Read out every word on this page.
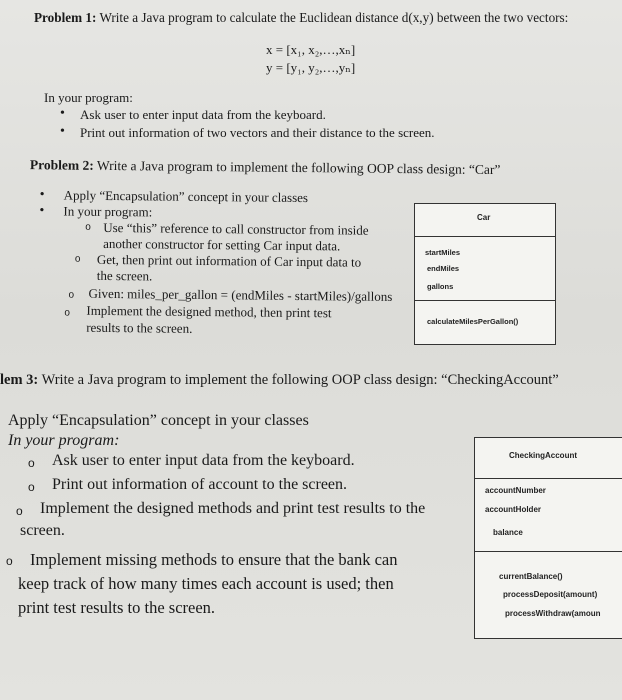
Problem 1: Write a Java program to calculate the Euclidean distance d(x,y) between the two vectors:
x = [x₁, x₂,…,xₙ]
y = [y₁, y₂,…,yₙ]
In your program:
•
Ask user to enter input data from the keyboard.
•
Print out information of two vectors and their distance to the screen.
Problem 2: Write a Java program to implement the following OOP class design: “Car”
•
Apply “Encapsulation” concept in your classes
•
In your program:
o Use “this” reference to call constructor from inside
another constructor for setting Car input data.
o Get, then print out information of Car input data to
the screen.
o Given: miles_per_gallon = (endMiles - startMiles)/gallons
o Implement the designed method, then print test
results to the screen.
Car
startMiles
endMiles
gallons
calculateMilesPerGallon()
lem 3: Write a Java program to implement the following OOP class design: “CheckingAccount”
Apply “Encapsulation” concept in your classes
In your program:
o Ask user to enter input data from the keyboard.
o Print out information of account to the screen.
o Implement the designed methods and print test results to the
screen.
o Implement missing methods to ensure that the bank can
keep track of how many times each account is used; then
print test results to the screen.
CheckingAccount
accountNumber
accountHolder
balance
currentBalance()
processDeposit(amount)
processWithdraw(amoun
